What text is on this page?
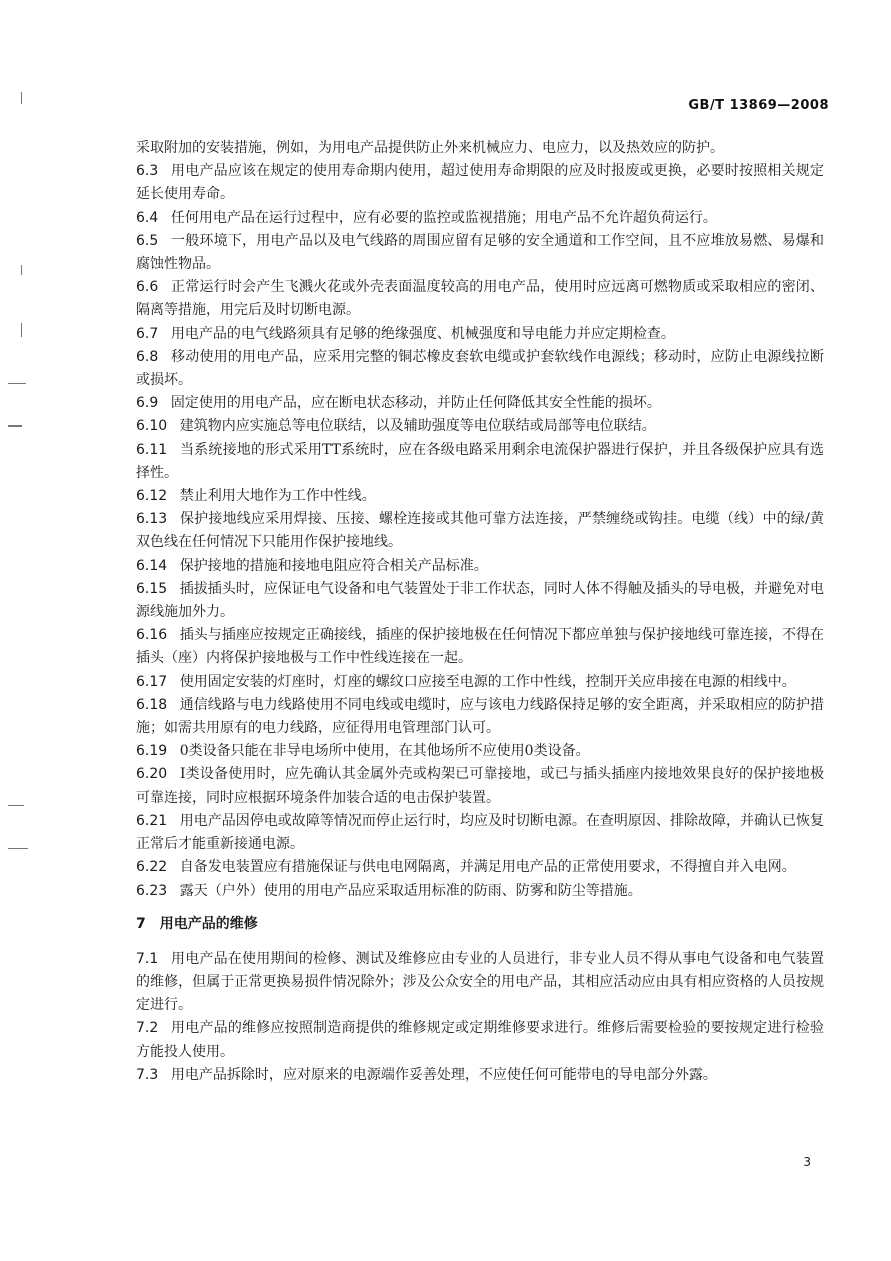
GB/T 13869—2008

采取附加的安装措施，例如，为用电产品提供防止外来机械应力、电应力，以及热效应的防护。

6.3 用电产品应该在规定的使用寿命期内使用，超过使用寿命期限的应及时报废或更换，必要时按照相关规定延长使用寿命。

6.4 任何用电产品在运行过程中，应有必要的监控或监视措施；用电产品不允许超负荷运行。

6.5 一般环境下，用电产品以及电气线路的周围应留有足够的安全通道和工作空间，且不应堆放易燃、易爆和腐蚀性物品。

6.6 正常运行时会产生飞溅火花或外壳表面温度较高的用电产品，使用时应远离可燃物质或采取相应的密闭、隔离等措施，用完后及时切断电源。

6.7 用电产品的电气线路须具有足够的绝缘强度、机械强度和导电能力并应定期检查。

6.8 移动使用的用电产品，应采用完整的铜芯橡皮套软电缆或护套软线作电源线；移动时，应防止电源线拉断或损坏。

6.9 固定使用的用电产品，应在断电状态移动，并防止任何降低其安全性能的损坏。

6.10 建筑物内应实施总等电位联结，以及辅助强度等电位联结或局部等电位联结。

6.11 当系统接地的形式采用TT系统时，应在各级电路采用剩余电流保护器进行保护，并且各级保护应具有选择性。

6.12 禁止利用大地作为工作中性线。

6.13 保护接地线应采用焊接、压接、螺栓连接或其他可靠方法连接，严禁缠绕或钩挂。电缆（线）中的绿/黄双色线在任何情况下只能用作保护接地线。

6.14 保护接地的措施和接地电阻应符合相关产品标准。

6.15 插拔插头时，应保证电气设备和电气装置处于非工作状态，同时人体不得触及插头的导电极，并避免对电源线施加外力。

6.16 插头与插座应按规定正确接线，插座的保护接地极在任何情况下都应单独与保护接地线可靠连接，不得在插头（座）内将保护接地极与工作中性线连接在一起。

6.17 使用固定安装的灯座时，灯座的螺纹口应接至电源的工作中性线，控制开关应串接在电源的相线中。

6.18 通信线路与电力线路使用不同电线或电缆时，应与该电力线路保持足够的安全距离，并采取相应的防护措施；如需共用原有的电力线路，应征得用电管理部门认可。

6.19 0类设备只能在非导电场所中使用，在其他场所不应使用0类设备。

6.20 Ⅰ类设备使用时，应先确认其金属外壳或构架已可靠接地，或已与插头插座内接地效果良好的保护接地极可靠连接，同时应根据环境条件加装合适的电击保护装置。

6.21 用电产品因停电或故障等情况而停止运行时，均应及时切断电源。在查明原因、排除故障，并确认已恢复正常后才能重新接通电源。

6.22 自备发电装置应有措施保证与供电电网隔离，并满足用电产品的正常使用要求，不得擅自并入电网。

6.23 露天（户外）使用的用电产品应采取适用标准的防雨、防雾和防尘等措施。

7 用电产品的维修

7.1 用电产品在使用期间的检修、测试及维修应由专业的人员进行，非专业人员不得从事电气设备和电气装置的维修，但属于正常更换易损件情况除外；涉及公众安全的用电产品，其相应活动应由具有相应资格的人员按规定进行。

7.2 用电产品的维修应按照制造商提供的维修规定或定期维修要求进行。维修后需要检验的要按规定进行检验方能投人使用。

7.3 用电产品拆除时，应对原来的电源端作妥善处理，不应使任何可能带电的导电部分外露。

3
